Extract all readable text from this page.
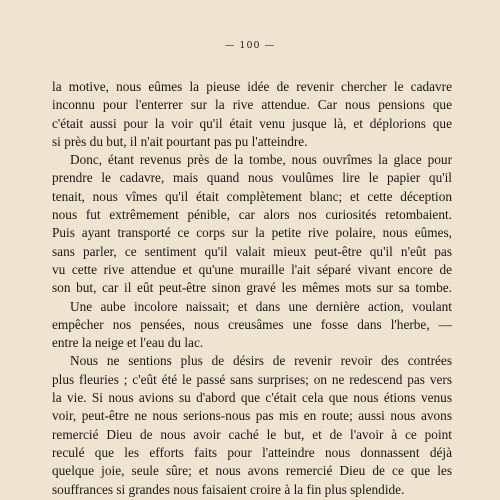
— 100 —
la motive, nous eûmes la pieuse idée de revenir chercher le cadavre
inconnu pour l'enterrer sur la rive attendue. Car nous pensions que
c'était aussi pour la voir qu'il était venu jusque là, et déplorions que
si près du but, il n'ait pourtant pas pu l'atteindre.
Donc, étant revenus près de la tombe, nous ouvrîmes la glace pour
prendre le cadavre, mais quand nous voulûmes lire le papier qu'il
tenait, nous vîmes qu'il était complètement blanc; et cette déception
nous fut extrêmement pénible, car alors nos curiosités retombaient.
Puis ayant transporté ce corps sur la petite rive polaire, nous eûmes,
sans parler, ce sentiment qu'il valait mieux peut-être qu'il n'eût pas
vu cette rive attendue et qu'une muraille l'ait séparé vivant encore de
son but, car il eût peut-être sinon gravé les mêmes mots sur sa tombe.
Une aube incolore naissait; et dans une dernière action, voulant
empêcher nos pensées, nous creusâmes une fosse dans l'herbe, —
entre la neige et l'eau du lac.
Nous ne sentions plus de désirs de revenir revoir des contrées
plus fleuries ; c'eût été le passé sans surprises; on ne redescend pas vers
la vie. Si nous avions su d'abord que c'était cela que nous étions venus
voir, peut-être ne nous serions-nous pas mis en route; aussi nous avons
remercié Dieu de nous avoir caché le but, et de l'avoir à ce point
reculé que les efforts faits pour l'atteindre nous donnassent déjà
quelque joie, seule sûre; et nous avons remercié Dieu de ce que les
souffrances si grandes nous faisaient croire à la fin plus splendide.
